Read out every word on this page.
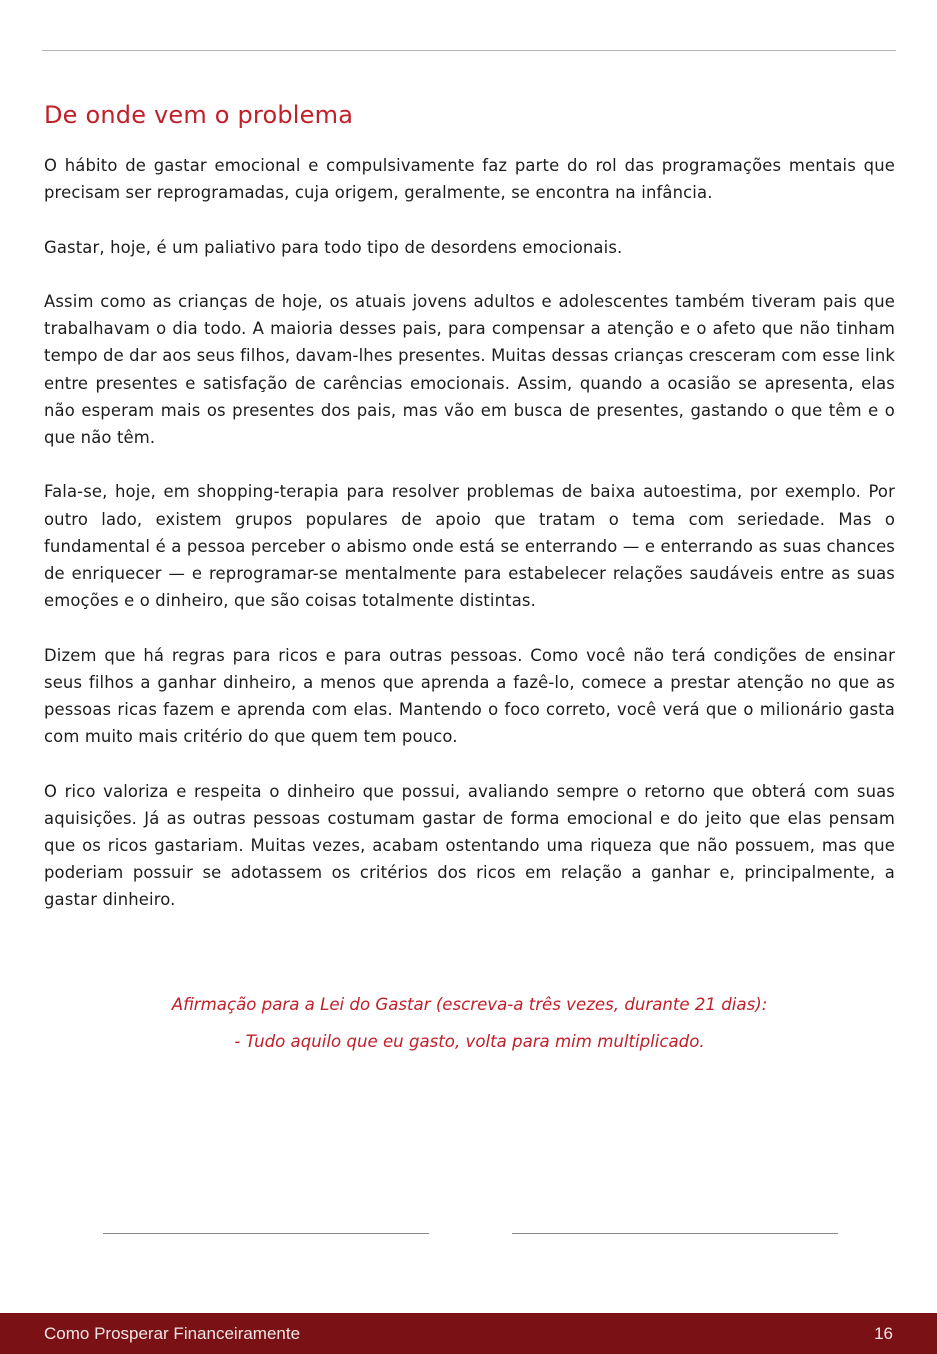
De onde vem o problema

O hábito de gastar emocional e compulsivamente faz parte do rol das programações mentais que precisam ser reprogramadas, cuja origem, geralmente, se encontra na infância.

Gastar, hoje, é um paliativo para todo tipo de desordens emocionais.

Assim como as crianças de hoje, os atuais jovens adultos e adolescentes também tiveram pais que trabalhavam o dia todo. A maioria desses pais, para compensar a atenção e o afeto que não tinham tempo de dar aos seus filhos, davam-lhes presentes. Muitas dessas crianças cresceram com esse link entre presentes e satisfação de carências emocionais. Assim, quando a ocasião se apresenta, elas não esperam mais os presentes dos pais, mas vão em busca de presentes, gastando o que têm e o que não têm.

Fala-se, hoje, em shopping-terapia para resolver problemas de baixa autoestima, por exemplo. Por outro lado, existem grupos populares de apoio que tratam o tema com seriedade. Mas o fundamental é a pessoa perceber o abismo onde está se enterrando — e enterrando as suas chances de enriquecer — e reprogramar-se mentalmente para estabelecer relações saudáveis entre as suas emoções e o dinheiro, que são coisas totalmente distintas.

Dizem que há regras para ricos e para outras pessoas. Como você não terá condições de ensinar seus filhos a ganhar dinheiro, a menos que aprenda a fazê-lo, comece a prestar atenção no que as pessoas ricas fazem e aprenda com elas. Mantendo o foco correto, você verá que o milionário gasta com muito mais critério do que quem tem pouco.

O rico valoriza e respeita o dinheiro que possui, avaliando sempre o retorno que obterá com suas aquisições. Já as outras pessoas costumam gastar de forma emocional e do jeito que elas pensam que os ricos gastariam. Muitas vezes, acabam ostentando uma riqueza que não possuem, mas que poderiam possuir se adotassem os critérios dos ricos em relação a ganhar e, principalmente, a gastar dinheiro.

Afirmação para a Lei do Gastar (escreva-a três vezes, durante 21 dias):

- Tudo aquilo que eu gasto, volta para mim multiplicado.

Como Prosperar Financeiramente	16
